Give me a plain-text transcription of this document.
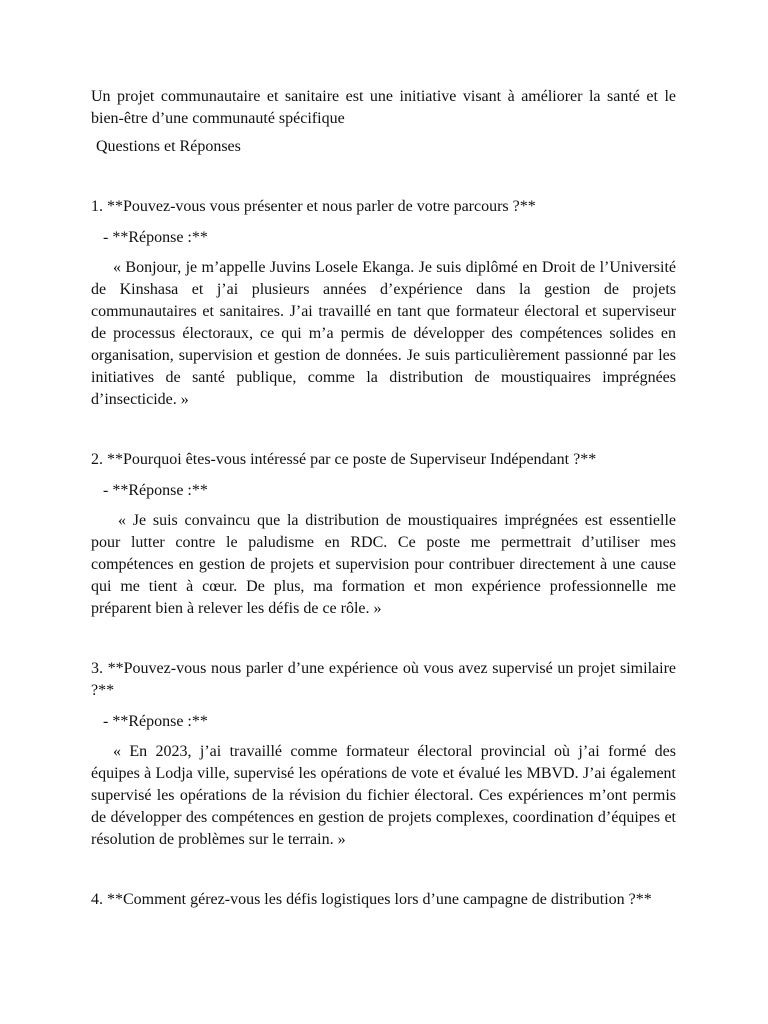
Un projet communautaire et sanitaire est une initiative visant à améliorer la santé et le bien-être d’une communauté spécifique

Questions et Réponses

1. **Pouvez-vous vous présenter et nous parler de votre parcours ?**

- **Réponse :**

« Bonjour, je m’appelle Juvins Losele Ekanga. Je suis diplômé en Droit de l’Université de Kinshasa et j’ai plusieurs années d’expérience dans la gestion de projets communautaires et sanitaires. J’ai travaillé en tant que formateur électoral et superviseur de processus électoraux, ce qui m’a permis de développer des compétences solides en organisation, supervision et gestion de données. Je suis particulièrement passionné par les initiatives de santé publique, comme la distribution de moustiquaires imprégnées d’insecticide. »

2. **Pourquoi êtes-vous intéressé par ce poste de Superviseur Indépendant ?**

- **Réponse :**

« Je suis convaincu que la distribution de moustiquaires imprégnées est essentielle pour lutter contre le paludisme en RDC. Ce poste me permettrait d’utiliser mes compétences en gestion de projets et supervision pour contribuer directement à une cause qui me tient à cœur. De plus, ma formation et mon expérience professionnelle me préparent bien à relever les défis de ce rôle. »

3. **Pouvez-vous nous parler d’une expérience où vous avez supervisé un projet similaire ?**

- **Réponse :**

« En 2023, j’ai travaillé comme formateur électoral provincial où j’ai formé des équipes à Lodja ville, supervisé les opérations de vote et évalué les MBVD. J’ai également supervisé les opérations de la révision du fichier électoral. Ces expériences m’ont permis de développer des compétences en gestion de projets complexes, coordination d’équipes et résolution de problèmes sur le terrain. »

4. **Comment gérez-vous les défis logistiques lors d’une campagne de distribution ?**
